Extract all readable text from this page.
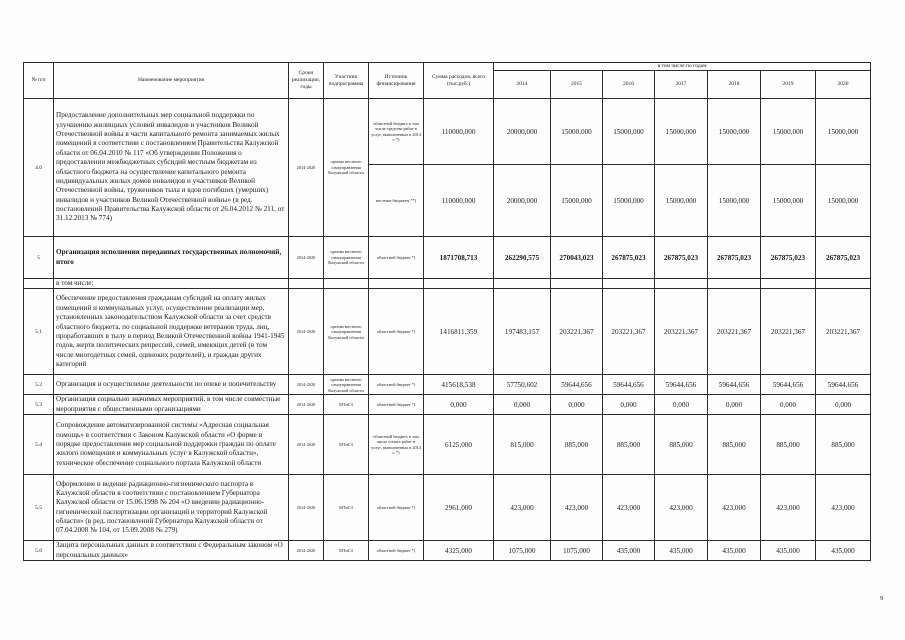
№ п/п	Наименование мероприятия	Сроки реализации, годы	Участник подпрограммы	Источник финансирования	Сумма расходов, всего (тыс.руб.)	в том числе по годам						
						2014	2015	2016	2017	2018	2019	2020
4.6	Предоставление дополнительных мер социальной поддержки по улучшению жилищных условий инвалидов и участников Великой Отечественной войны в части капитального ремонта занимаемых жилых помещений в соответствии с постановлением Правительства Калужской области от 06.04.2010 № 117 «Об утверждении Положения о предоставлении межбюджетных субсидий местным бюджетам из областного бюджета на осуществление капитального ремонта индивидуальных жилых домов инвалидов и участников Великой Отечественной войны, тружеников тыла и вдов погибших (умерших) инвалидов и участников Великой Отечественной войны» (в ред. постановлений Правительства Калужской области от 26.04.2012 № 211, от 31.12.2013 № 774)	2014-2020	органы местного самоуправления Калужской области	областной бюджет, в том числе средства работ в услуг, выполненных в 2014 г. *)	110000,000	20000,000	15000,000	15000,000	15000,000	15000,000	15000,000	15000,000
				местные бюджеты **)	110000,000	20000,000	15000,000	15000,000	15000,000	15000,000	15000,000	15000,000
5	Организация исполнения переданных государственных полномочий, итого	2014-2020	органы местного самоуправления Калужской области	областной бюджет *)	1871708,713	262290,575	270043,023	267875,023	267875,023	267875,023	267875,023	267875,023
	в том числе:											
5.1	Обеспечение предоставления гражданам субсидий на оплату жилых помещений и коммунальных услуг, осуществление реализации мер, установленных законодательством Калужской области за счет средств областного бюджета, по социальной поддержке ветеранов труда, лиц, проработавших в тылу в период Великой Отечественной войны 1941-1945 годов, жертв политических репрессий, семей, имеющих детей (в том числе многодетных семей, одиноких родителей), и граждан других категорий	2014-2020	органы местного самоуправления Калужской области	областной бюджет *)	1416811,359	197483,157	203221,367	203221,367	203221,367	203221,367	203221,367	203221,367
5.2	Организация и осуществление деятельности по опеке и попечительству	2014-2020	органы местного самоуправления Калужской области	областной бюджет *)	415618,538	57750,602	59644,656	59644,656	59644,656	59644,656	59644,656	59644,656
5.3	Организация социально значимых мероприятий, в том числе совместные мероприятия с общественными организациями	2014-2020	МТиСЗ	областной бюджет *)	0,000	0,000	0,000	0,000	0,000	0,000	0,000	0,000
5.4	Сопровождение автоматизированной системы «Адресная социальная помощь» в соответствии с Законом Калужской области «О форме и порядке предоставления мер социальной поддержки граждан по оплате жилого помещения и коммунальных услуг в Калужской области», техническое обеспечение социального портала Калужской области	2014-2020	МТиСЗ	областной бюджет, в том числе оплата работ и услуг, выполненных в 2014 г. *)	6125,000	815,000	885,000	885,000	885,000	885,000	885,000	885,000
5.5	Оформление и ведение радиационно-гигиенического паспорта в Калужской области в соответствии с постановлением Губернатора Калужской области от 15.06.1998 № 204 «О введении радиационно-гигиенической паспортизации организаций и территорий Калужской области» (в ред. постановлений Губернатора Калужской области от 07.04.2008 № 104, от 15.09.2008 № 279)	2014-2020	МТиСЗ	областной бюджет *)	2961,000	423,000	423,000	423,000	423,000	423,000	423,000	423,000
5.6	Защита персональных данных в соответствии с Федеральным законом «О персональных данных»	2014-2020	МТиСЗ	областной бюджет *)	4325,000	1075,000	1075,000	435,000	435,000	435,000	435,000	435,000
9
